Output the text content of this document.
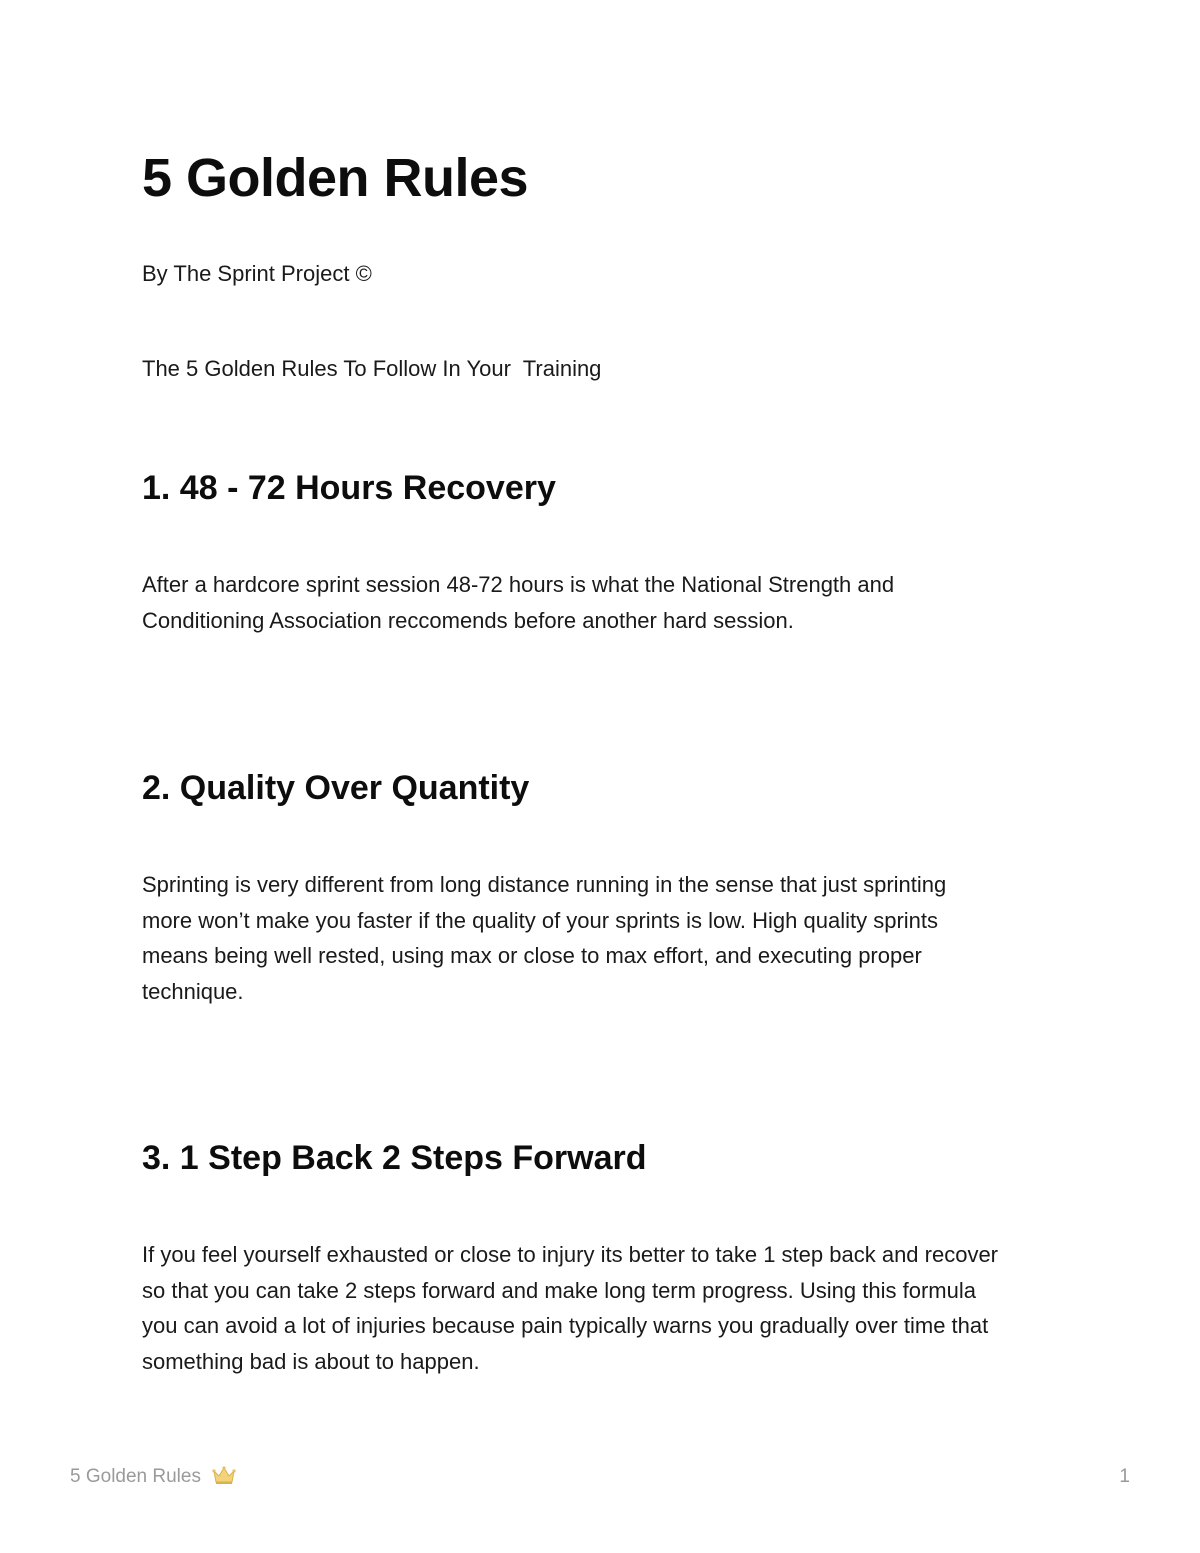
5 Golden Rules

By The Sprint Project ©

The 5 Golden Rules To Follow In Your  Training

1. 48 - 72 Hours Recovery
After a hardcore sprint session 48-72 hours is what the National Strength and
Conditioning Association reccomends before another hard session.
2. Quality Over Quantity
Sprinting is very different from long distance running in the sense that just sprinting
more won’t make you faster if the quality of your sprints is low. High quality sprints
means being well rested, using max or close to max effort, and executing proper
technique.
3. 1 Step Back 2 Steps Forward
If you feel yourself exhausted or close to injury its better to take 1 step back and recover
so that you can take 2 steps forward and make long term progress. Using this formula
you can avoid a lot of injuries because pain typically warns you gradually over time that
something bad is about to happen.
5 Golden Rules	1
